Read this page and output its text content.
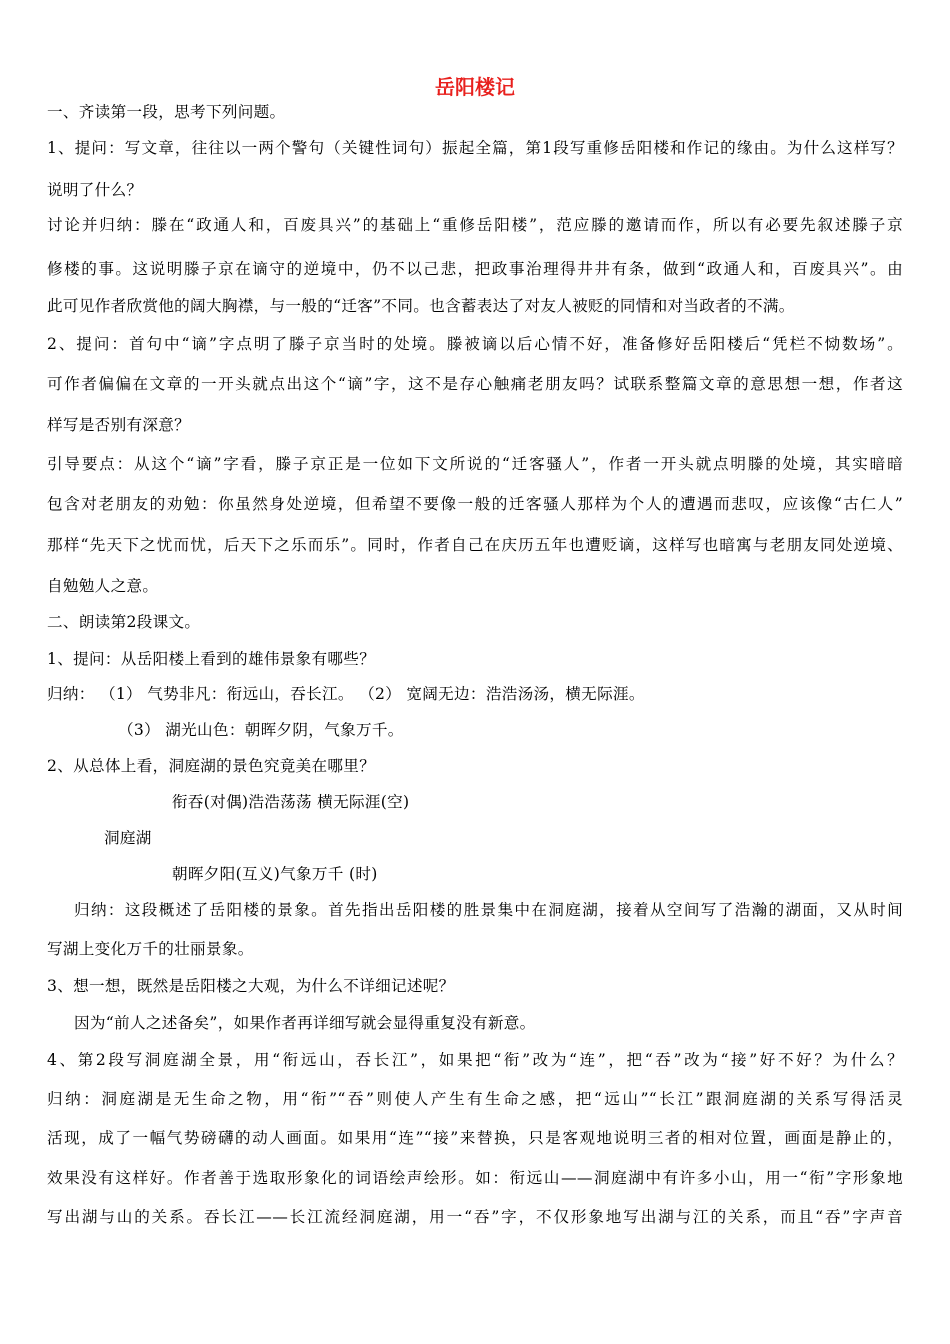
岳阳楼记
一、齐读第一段，思考下列问题。
1、提问：写文章，往往以一两个警句（关键性词句）振起全篇，第1段写重修岳阳楼和作记的缘由。为什么这样写？
说明了什么？
讨论并归纳：滕在“政通人和，百废具兴”的基础上“重修岳阳楼”，范应滕的邀请而作，所以有必要先叙述滕子京
修楼的事。这说明滕子京在谪守的逆境中，仍不以己悲，把政事治理得井井有条，做到“政通人和，百废具兴”。由
此可见作者欣赏他的阔大胸襟，与一般的“迁客”不同。也含蓄表达了对友人被贬的同情和对当政者的不满。
2、提问：首句中“谪”字点明了滕子京当时的处境。滕被谪以后心情不好，准备修好岳阳楼后“凭栏不恸数场”。
可作者偏偏在文章的一开头就点出这个“谪”字，这不是存心触痛老朋友吗？试联系整篇文章的意思想一想，作者这
样写是否别有深意？
引导要点：从这个“谪”字看，滕子京正是一位如下文所说的“迁客骚人”，作者一开头就点明滕的处境，其实暗暗
包含对老朋友的劝勉：你虽然身处逆境，但希望不要像一般的迁客骚人那样为个人的遭遇而悲叹，应该像“古仁人”
那样“先天下之忧而忧，后天下之乐而乐”。同时，作者自己在庆历五年也遭贬谪，这样写也暗寓与老朋友同处逆境、
自勉勉人之意。
二、朗读第2段课文。
1、提问：从岳阳楼上看到的雄伟景象有哪些？
归纳： （1） 气势非凡：衔远山，吞长江。 （2） 宽阔无边：浩浩汤汤，横无际涯。
（3） 湖光山色：朝晖夕阴，气象万千。
2、从总体上看，洞庭湖的景色究竟美在哪里？
衔吞(对偶)浩浩荡荡 横无际涯(空)
洞庭湖
朝晖夕阳(互义)气象万千 (时)
归纳：这段概述了岳阳楼的景象。首先指出岳阳楼的胜景集中在洞庭湖，接着从空间写了浩瀚的湖面，又从时间
写湖上变化万千的壮丽景象。
3、想一想，既然是岳阳楼之大观，为什么不详细记述呢？
因为“前人之述备矣”，如果作者再详细写就会显得重复没有新意。
4、第2段写洞庭湖全景，用“衔远山，吞长江”，如果把“衔”改为“连”，把“吞”改为“接”好不好？为什么？
归纳：洞庭湖是无生命之物，用“衔”“吞”则使人产生有生命之感，把“远山”“长江”跟洞庭湖的关系写得活灵
活现，成了一幅气势磅礴的动人画面。如果用“连”“接”来替换，只是客观地说明三者的相对位置，画面是静止的，
效果没有这样好。作者善于选取形象化的词语绘声绘形。如：衔远山——洞庭湖中有许多小山，用一“衔”字形象地
写出湖与山的关系。吞长江——长江流经洞庭湖，用一“吞”字，不仅形象地写出湖与江的关系，而且“吞”字声音
